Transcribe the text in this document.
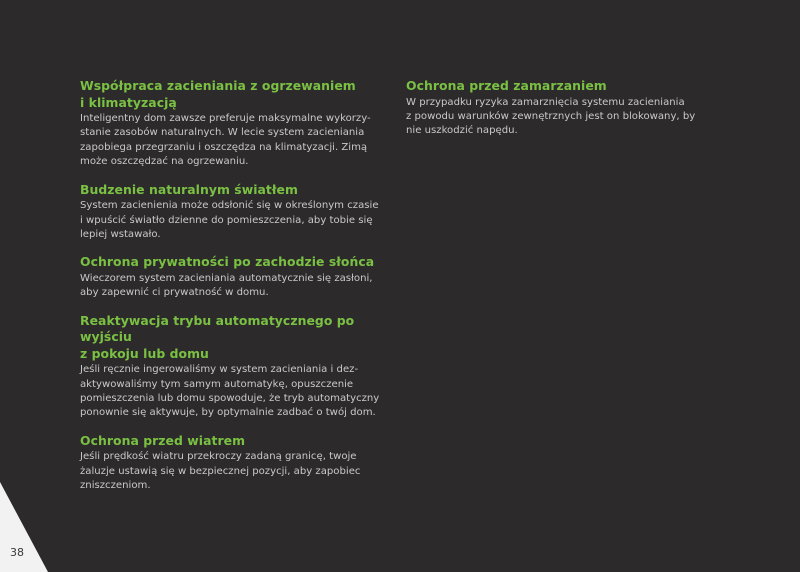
38
Współpraca zacieniania z ogrzewaniem
i klimatyzacją

Inteligentny dom zawsze preferuje maksymalne wykorzy-
stanie zasobów naturalnych. W lecie system zacieniania
zapobiega przegrzaniu i oszczędza na klimatyzacji. Zimą
może oszczędzać na ogrzewaniu.

Budzenie naturalnym światłem

System zacienienia może odsłonić się w określonym czasie
i wpuścić światło dzienne do pomieszczenia, aby tobie się
lepiej wstawało.

Ochrona prywatności po zachodzie słońca

Wieczorem system zacieniania automatycznie się zasłoni,
aby zapewnić ci prywatność w domu.

Reaktywacja trybu automatycznego po wyjściu
z pokoju lub domu

Jeśli ręcznie ingerowaliśmy w system zacieniania i dez-
aktywowaliśmy tym samym automatykę, opuszczenie
pomieszczenia lub domu spowoduje, że tryb automatyczny
ponownie się aktywuje, by optymalnie zadbać o twój dom.

Ochrona przed wiatrem

Jeśli prędkość wiatru przekroczy zadaną granicę, twoje
żaluzje ustawią się w bezpiecznej pozycji, aby zapobiec
zniszczeniom.

Ochrona przed zamarzaniem

W przypadku ryzyka zamarznięcia systemu zacieniania
z powodu warunków zewnętrznych jest on blokowany, by
nie uszkodzić napędu.
